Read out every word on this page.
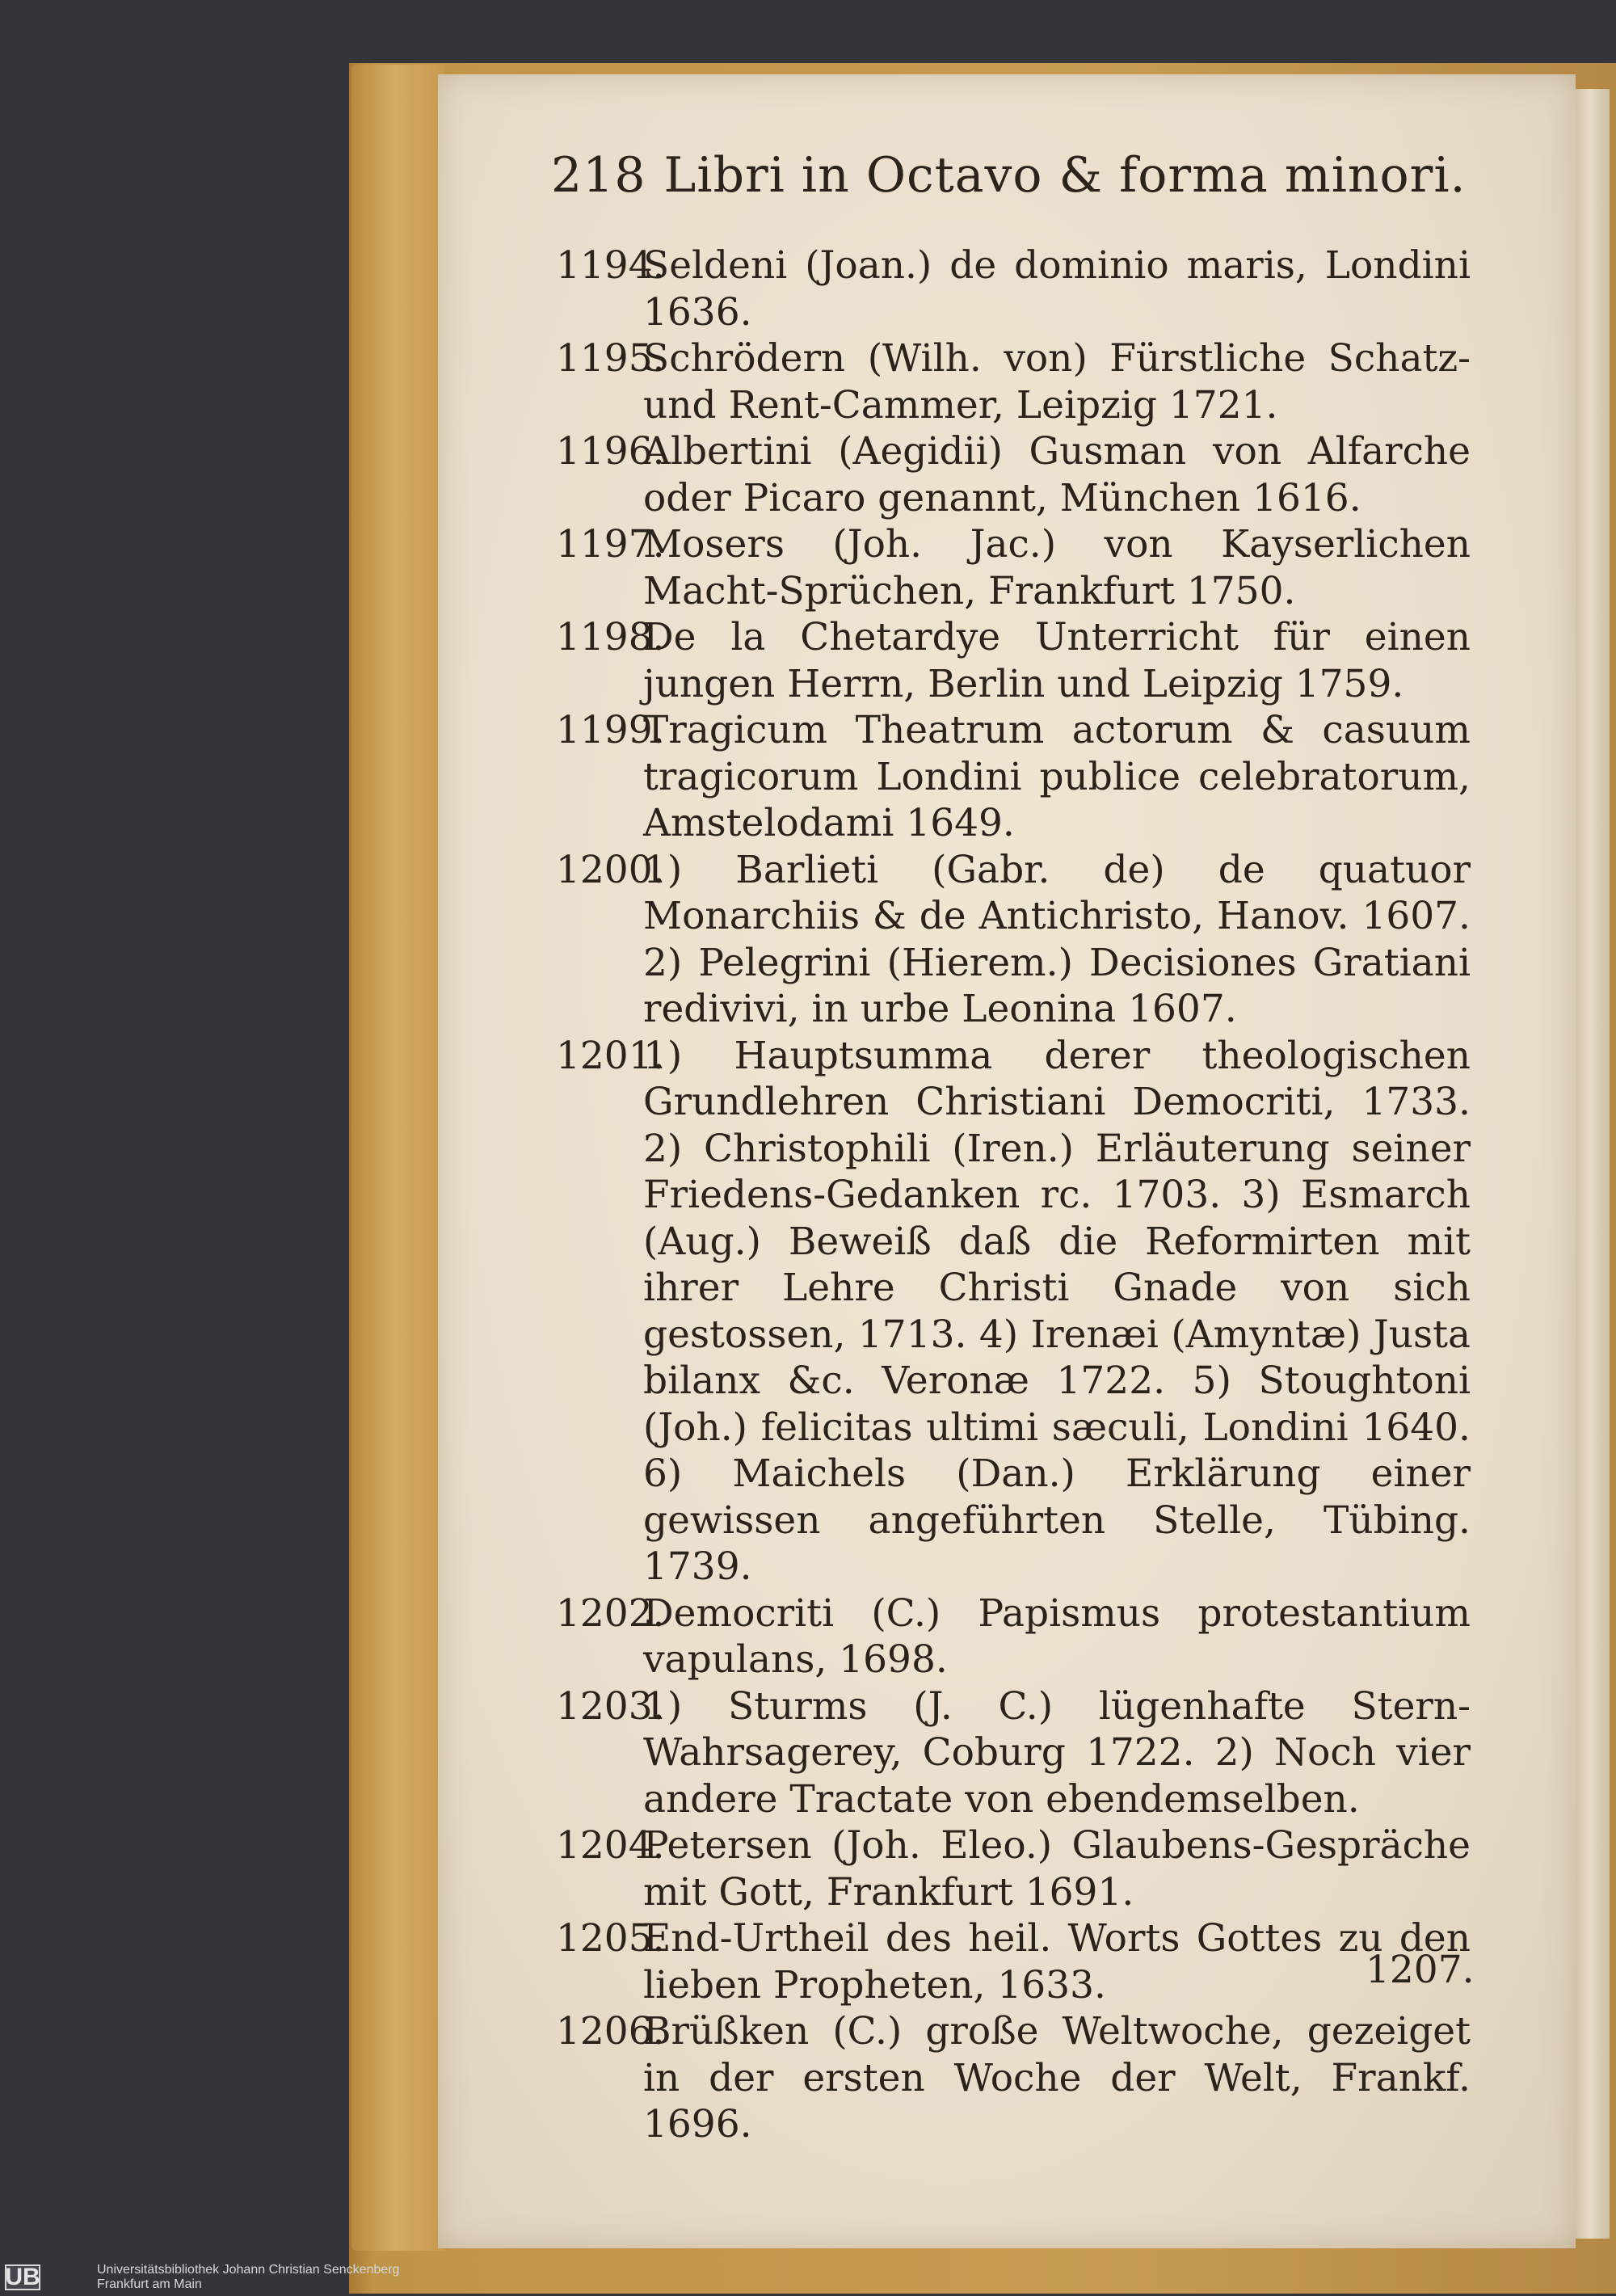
218 Libri in Octavo & forma minori.
1194.
Seldeni (Joan.) de dominio maris, Londini 1636.
1195.
Schrödern (Wilh. von) Fürstliche Schatz- und Rent-Cammer, Leipzig 1721.
1196.
Albertini (Aegidii) Gusman von Alfarche oder Picaro genannt, München 1616.
1197.
Mosers (Joh. Jac.) von Kayserlichen Macht-Sprüchen, Frankfurt 1750.
1198.
De la Chetardye Unterricht für einen jungen Herrn, Berlin und Leipzig 1759.
1199.
Tragicum Theatrum actorum & casuum tragicorum Londini publice celebratorum, Amstelodami 1649.
1200.
1) Barlieti (Gabr. de) de quatuor Monarchiis & de Antichristo, Hanov. 1607. 2) Pelegrini (Hierem.) Decisiones Gratiani redivivi, in urbe Leonina 1607.
1201.
1) Hauptsumma derer theologischen Grundlehren Christiani Democriti, 1733. 2) Christophili (Iren.) Erläuterung seiner Friedens-Gedanken rc. 1703. 3) Esmarch (Aug.) Beweiß daß die Reformirten mit ihrer Lehre Christi Gnade von sich gestossen, 1713. 4) Irenæi (Amyntæ) Justa bilanx &c. Veronæ 1722. 5) Stoughtoni (Joh.) felicitas ultimi sæculi, Londini 1640. 6) Maichels (Dan.) Erklärung einer gewissen angeführten Stelle, Tübing. 1739.
1202.
Democriti (C.) Papismus protestantium vapulans, 1698.
1203.
1) Sturms (J. C.) lügenhafte Stern-Wahrsagerey, Coburg 1722. 2) Noch vier andere Tractate von ebendemselben.
1204.
Petersen (Joh. Eleo.) Glaubens-Gespräche mit Gott, Frankfurt 1691.
1205.
End-Urtheil des heil. Worts Gottes zu den lieben Propheten, 1633.
1206.
Brüßken (C.) große Weltwoche, gezeiget in der ersten Woche der Welt, Frankf. 1696.
1207.
UB	Universitätsbibliothek Johann Christian Senckenberg
Frankfurt am Main
